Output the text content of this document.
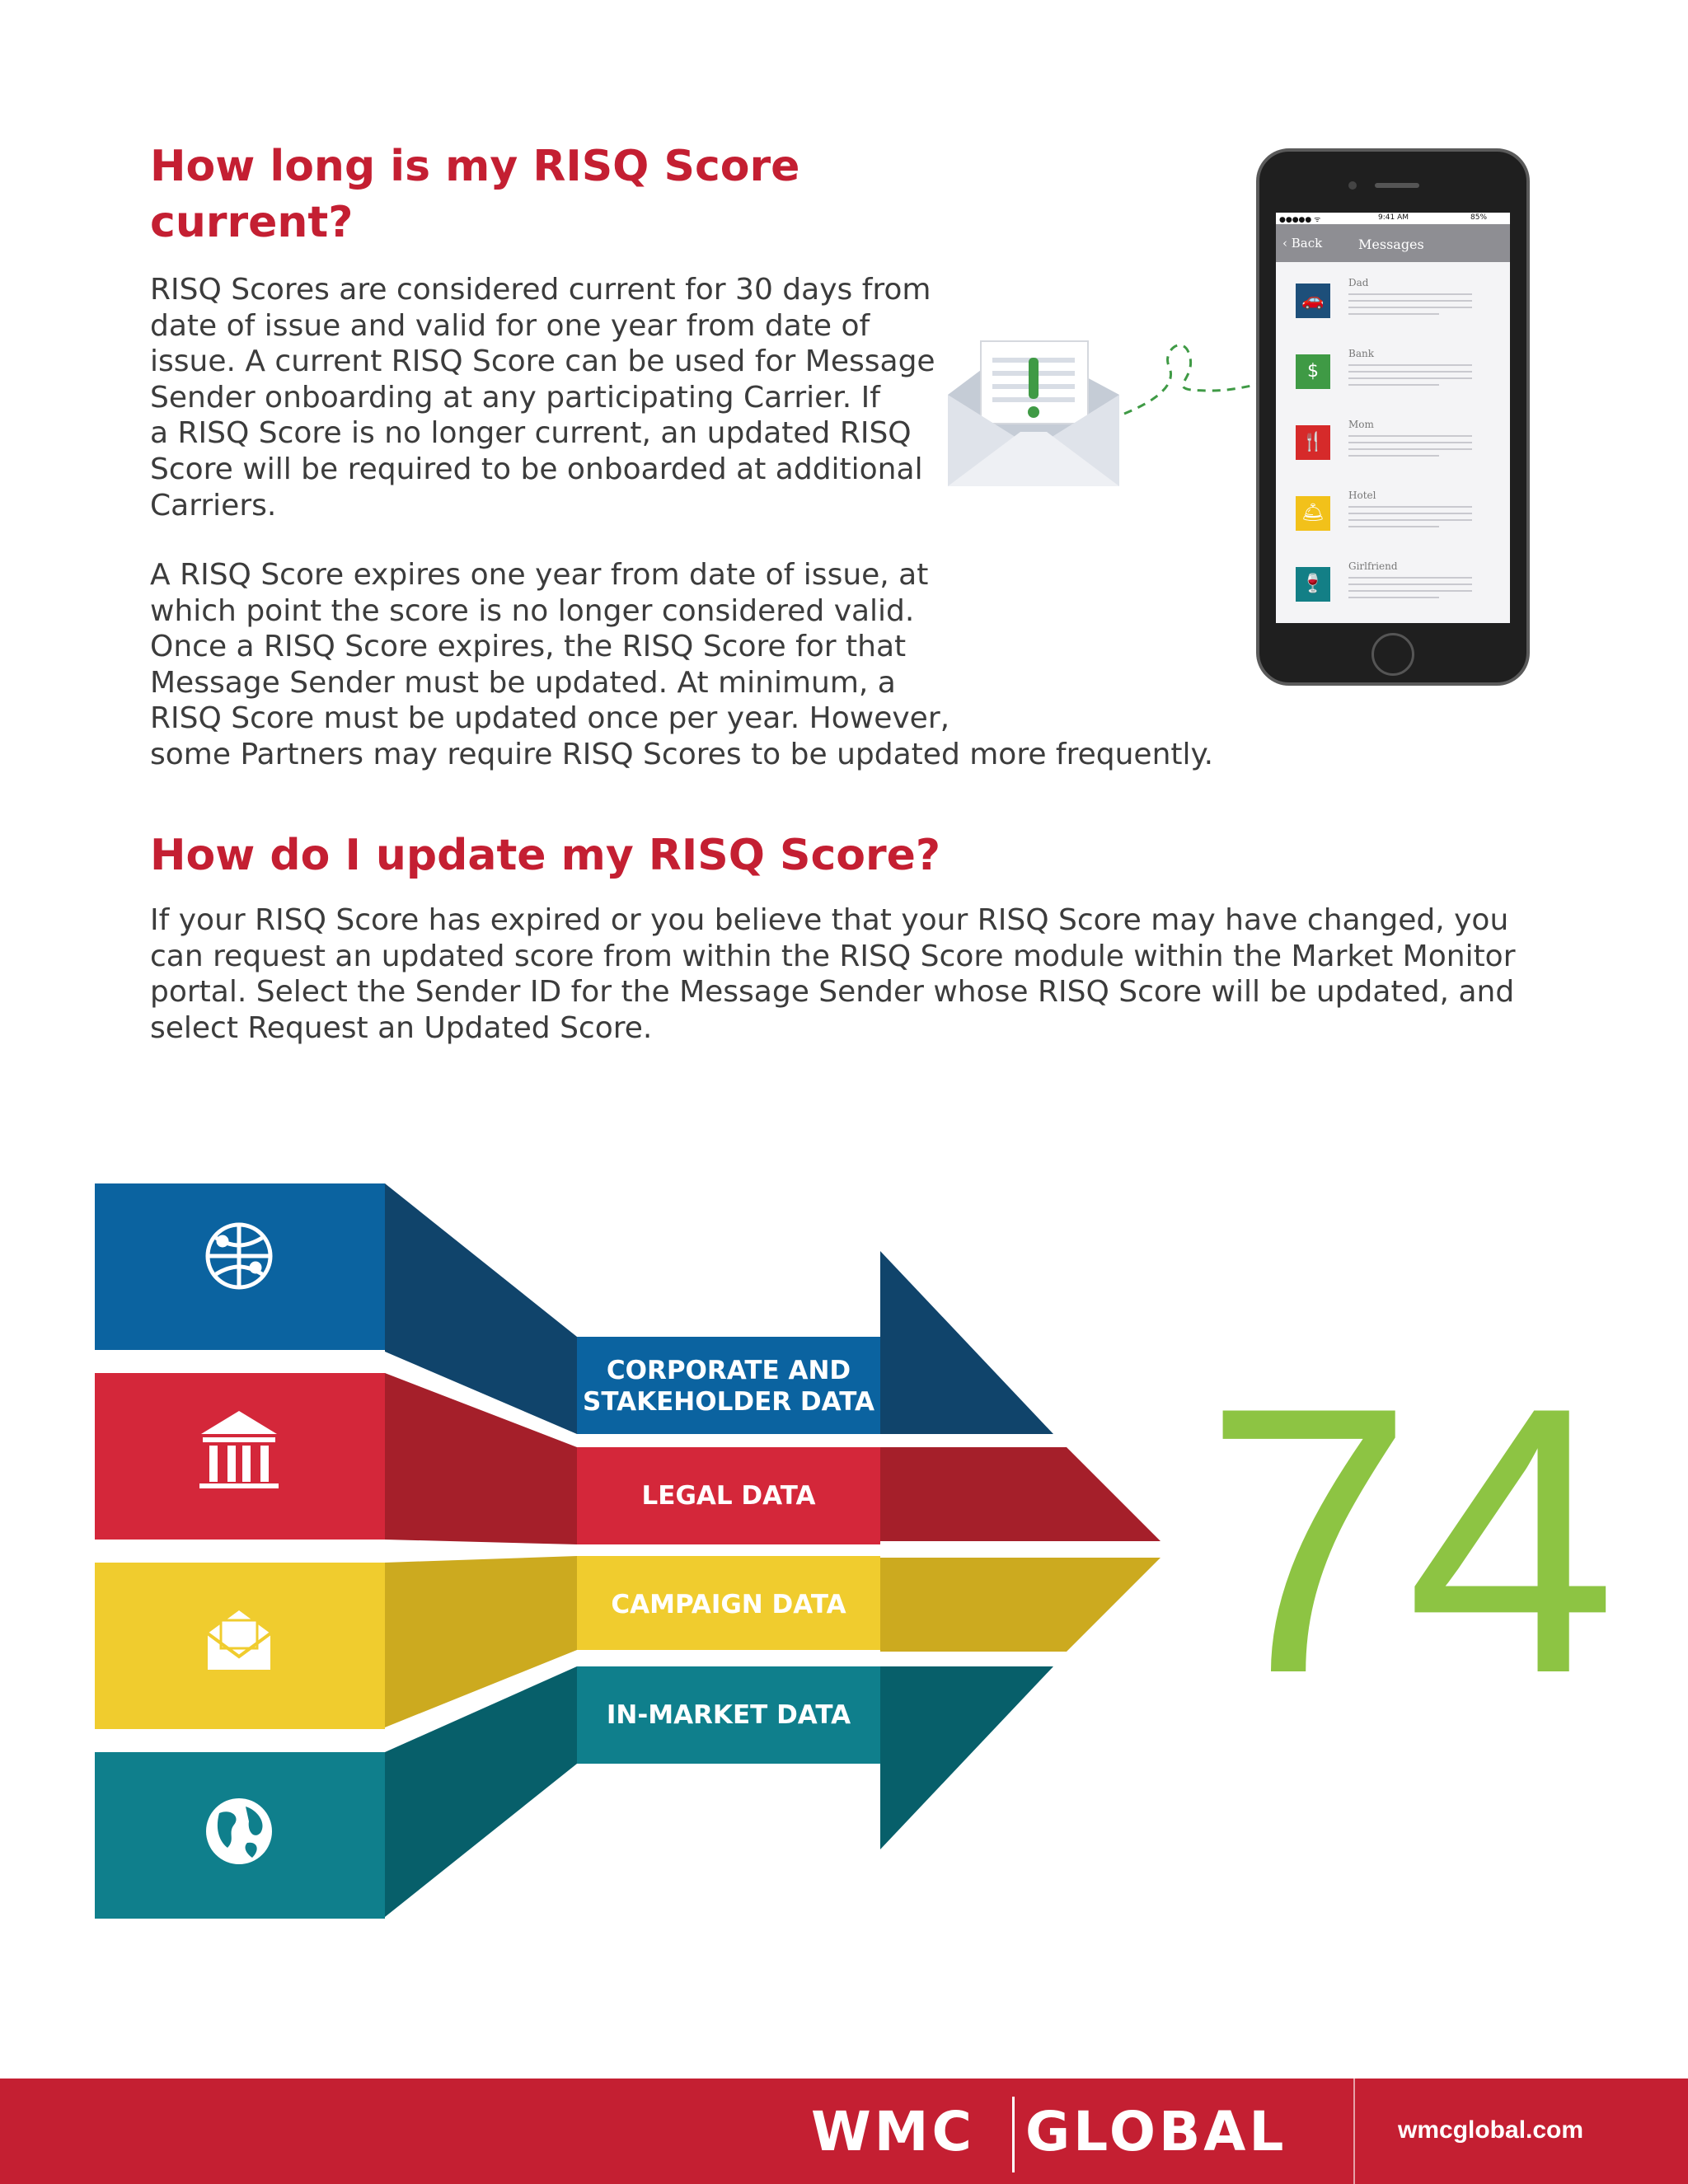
How long is my RISQ Score current?

RISQ Scores are considered current for 30 days from
date of issue and valid for one year from date of
issue. A current RISQ Score can be used for Message
Sender onboarding at any participating Carrier. If
a RISQ Score is no longer current, an updated RISQ
Score will be required to be onboarded at additional
Carriers.

A RISQ Score expires one year from date of issue, at
which point the score is no longer considered valid.
Once a RISQ Score expires, the RISQ Score for that
Message Sender must be updated. At minimum, a
RISQ Score must be updated once per year. However,
some Partners may require RISQ Scores to be updated more frequently.

●●●●● ᯤ	9:41 AM	85%
‹ Back	Messages
🚗
Dad
$
Bank
🍴
Mom
🛎
Hotel
🍷
Girlfriend
How do I update my RISQ Score?

If your RISQ Score has expired or you believe that your RISQ Score may have changed, you
can request an updated score from within the RISQ Score module within the Market Monitor
portal. Select the Sender ID for the Message Sender whose RISQ Score will be updated, and
select Request an Updated Score.

CORPORATE AND
STAKEHOLDER DATA
LEGAL DATA
CAMPAIGN DATA
IN-MARKET DATA 74
WMC GLOBAL	wmcglobal.com
